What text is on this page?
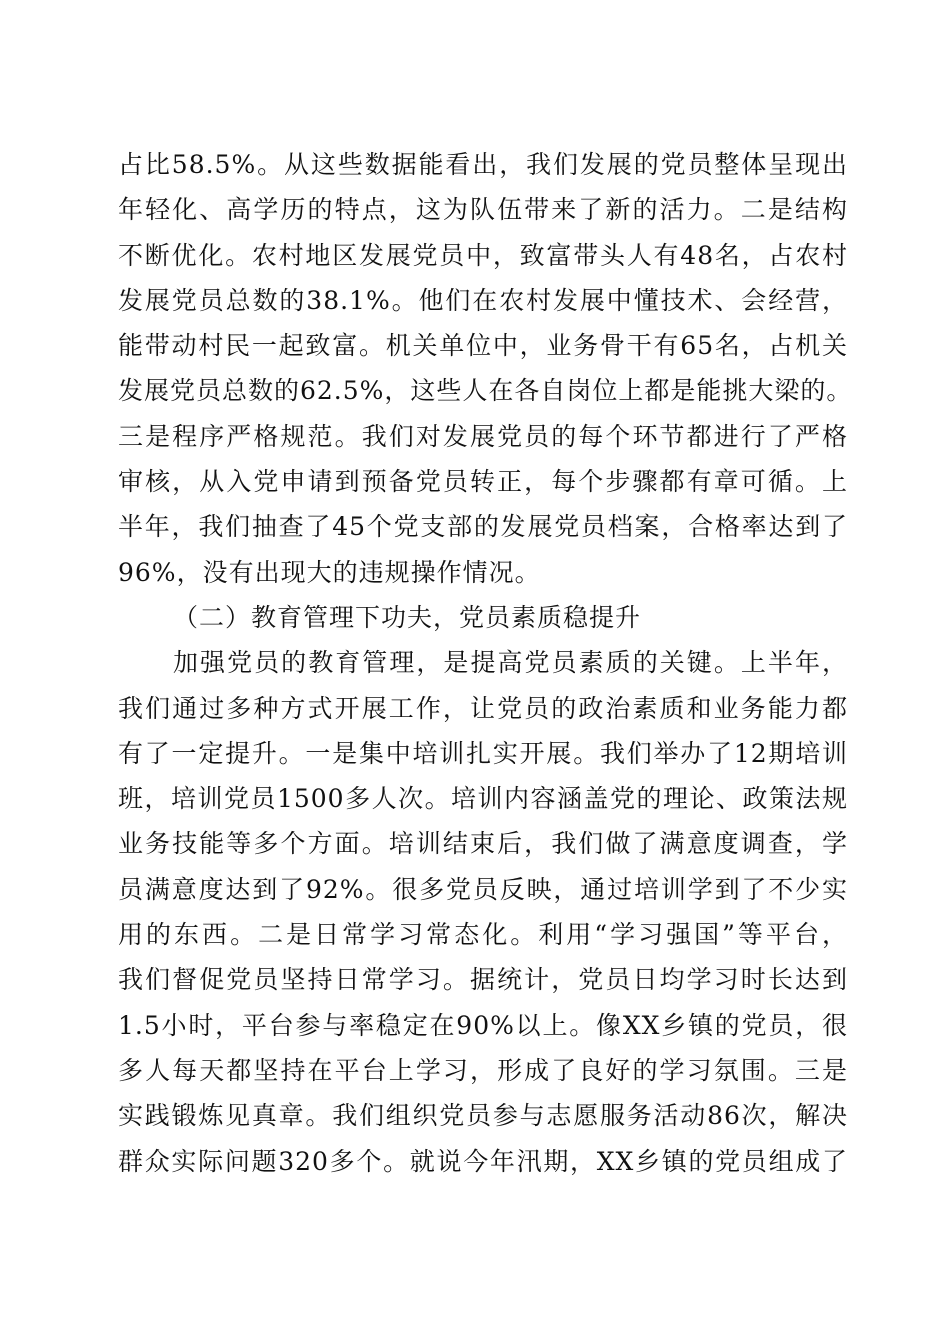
占比58.5%。从这些数据能看出，我们发展的党员整体呈现出
年轻化、高学历的特点，这为队伍带来了新的活力。二是结构
不断优化。农村地区发展党员中，致富带头人有48名，占农村
发展党员总数的38.1%。他们在农村发展中懂技术、会经营，
能带动村民一起致富。机关单位中，业务骨干有65名，占机关
发展党员总数的62.5%，这些人在各自岗位上都是能挑大梁的。
三是程序严格规范。我们对发展党员的每个环节都进行了严格
审核，从入党申请到预备党员转正，每个步骤都有章可循。上
半年，我们抽查了45个党支部的发展党员档案，合格率达到了
96%，没有出现大的违规操作情况。
（二）教育管理下功夫，党员素质稳提升
加强党员的教育管理，是提高党员素质的关键。上半年，
我们通过多种方式开展工作，让党员的政治素质和业务能力都
有了一定提升。一是集中培训扎实开展。我们举办了12期培训
班，培训党员1500多人次。培训内容涵盖党的理论、政策法规
业务技能等多个方面。培训结束后，我们做了满意度调查，学
员满意度达到了92%。很多党员反映，通过培训学到了不少实
用的东西。二是日常学习常态化。利用“学习强国”等平台，
我们督促党员坚持日常学习。据统计，党员日均学习时长达到
1.5小时，平台参与率稳定在90%以上。像XX乡镇的党员，很
多人每天都坚持在平台上学习，形成了良好的学习氛围。三是
实践锻炼见真章。我们组织党员参与志愿服务活动86次，解决
群众实际问题320多个。就说今年汛期，XX乡镇的党员组成了
